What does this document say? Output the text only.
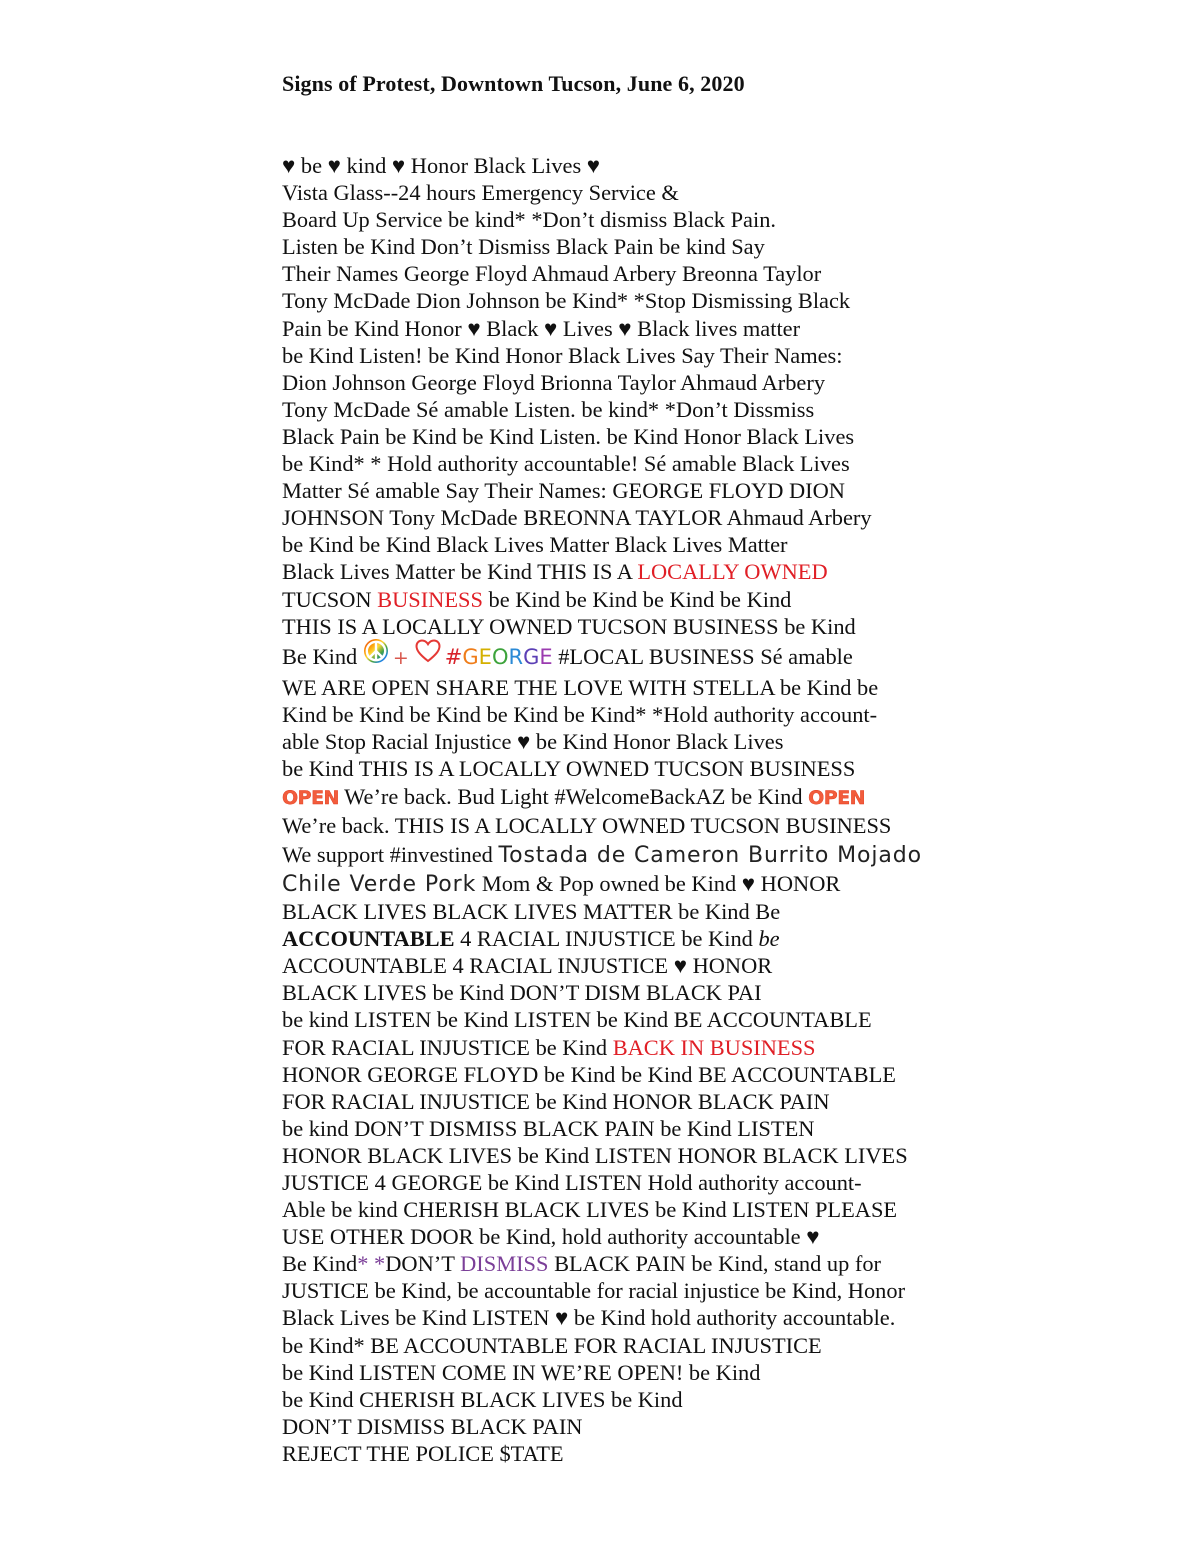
Signs of Protest, Downtown Tucson, June 6, 2020
♥ be ♥ kind ♥ Honor Black Lives ♥
Vista Glass--24 hours Emergency Service &
Board Up Service be kind* *Don’t dismiss Black Pain.
Listen be Kind Don’t Dismiss Black Pain be kind Say
Their Names George Floyd Ahmaud Arbery Breonna Taylor
Tony McDade Dion Johnson be Kind* *Stop Dismissing Black
Pain be Kind Honor ♥ Black ♥ Lives ♥ Black lives matter
be Kind Listen! be Kind Honor Black Lives Say Their Names:
Dion Johnson George Floyd Brionna Taylor Ahmaud Arbery
Tony McDade Sé amable Listen. be kind* *Don’t Dissmiss
Black Pain be Kind be Kind Listen. be Kind Honor Black Lives
be Kind* * Hold authority accountable! Sé amable Black Lives
Matter Sé amable Say Their Names: GEORGE FLOYD DION
JOHNSON Tony McDade BREONNA TAYLOR Ahmaud Arbery
be Kind be Kind Black Lives Matter Black Lives Matter
Black Lives Matter be Kind THIS IS A LOCALLY OWNED
TUCSON BUSINESS be Kind be Kind be Kind be Kind
THIS IS A LOCALLY OWNED TUCSON BUSINESS be Kind
Be Kind + #GEORGE #LOCAL BUSINESS Sé amable
WE ARE OPEN SHARE THE LOVE WITH STELLA be Kind be
Kind be Kind be Kind be Kind be Kind* *Hold authority account-
able Stop Racial Injustice ♥ be Kind Honor Black Lives
be Kind THIS IS A LOCALLY OWNED TUCSON BUSINESS
OPEN We’re back. Bud Light #WelcomeBackAZ be Kind OPEN
We’re back. THIS IS A LOCALLY OWNED TUCSON BUSINESS
We support #investined Tostada de Cameron Burrito Mojado
Chile Verde Pork Mom & Pop owned be Kind ♥ HONOR
BLACK LIVES BLACK LIVES MATTER be Kind Be
ACCOUNTABLE 4 RACIAL INJUSTICE be Kind be
ACCOUNTABLE 4 RACIAL INJUSTICE ♥ HONOR
BLACK LIVES be Kind DON’T DISM BLACK PAI
be kind LISTEN be Kind LISTEN be Kind BE ACCOUNTABLE
FOR RACIAL INJUSTICE be Kind BACK IN BUSINESS
HONOR GEORGE FLOYD be Kind be Kind BE ACCOUNTABLE
FOR RACIAL INJUSTICE be Kind HONOR BLACK PAIN
be kind DON’T DISMISS BLACK PAIN be Kind LISTEN
HONOR BLACK LIVES be Kind LISTEN HONOR BLACK LIVES
JUSTICE 4 GEORGE be Kind LISTEN Hold authority account-
Able be kind CHERISH BLACK LIVES be Kind LISTEN PLEASE
USE OTHER DOOR be Kind, hold authority accountable ♥
Be Kind* *DON’T DISMISS BLACK PAIN be Kind, stand up for
JUSTICE be Kind, be accountable for racial injustice be Kind, Honor
Black Lives be Kind LISTEN ♥ be Kind hold authority accountable.
be Kind* BE ACCOUNTABLE FOR RACIAL INJUSTICE
be Kind LISTEN COME IN WE’RE OPEN! be Kind
be Kind CHERISH BLACK LIVES be Kind
DON’T DISMISS BLACK PAIN
REJECT THE POLICE $TATE
